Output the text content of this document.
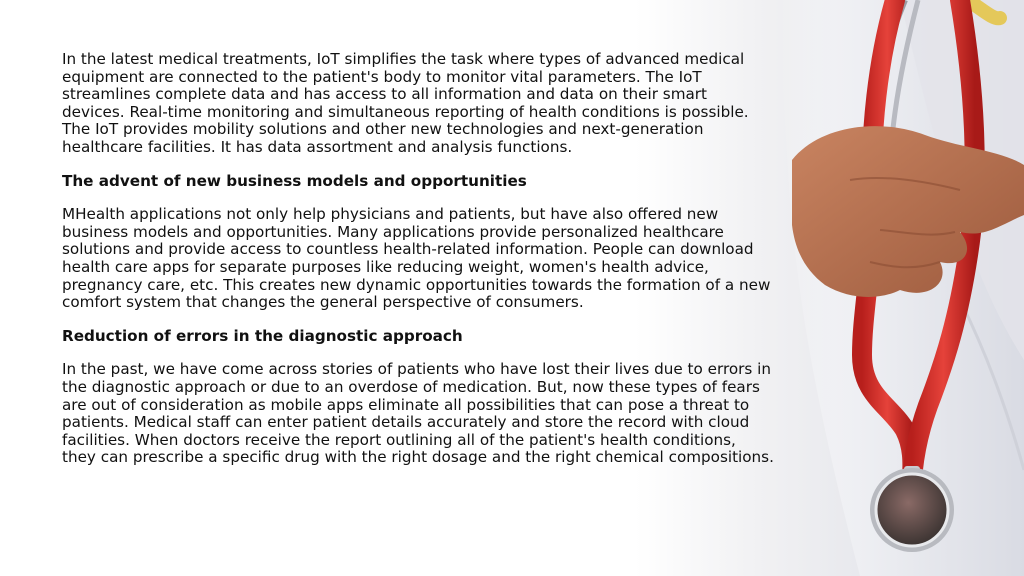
In the latest medical treatments, IoT simplifies the task where types of advanced medical equipment are connected to the patient's body to monitor vital parameters. The IoT streamlines complete data and has access to all information and data on their smart devices. Real-time monitoring and simultaneous reporting of health conditions is possible. The IoT provides mobility solutions and other new technologies and next-generation healthcare facilities. It has data assortment and analysis functions.

The advent of new business models and opportunities

MHealth applications not only help physicians and patients, but have also offered new business models and opportunities. Many applications provide personalized healthcare solutions and provide access to countless health-related information. People can download health care apps for separate purposes like reducing weight, women's health advice, pregnancy care, etc. This creates new dynamic opportunities towards the formation of a new comfort system that changes the general perspective of consumers.

Reduction of errors in the diagnostic approach

In the past, we have come across stories of patients who have lost their lives due to errors in the diagnostic approach or due to an overdose of medication. But, now these types of fears are out of consideration as mobile apps eliminate all possibilities that can pose a threat to patients. Medical staff can enter patient details accurately and store the record with cloud facilities. When doctors receive the report outlining all of the patient's health conditions, they can prescribe a specific drug with the right dosage and the right chemical compositions.
